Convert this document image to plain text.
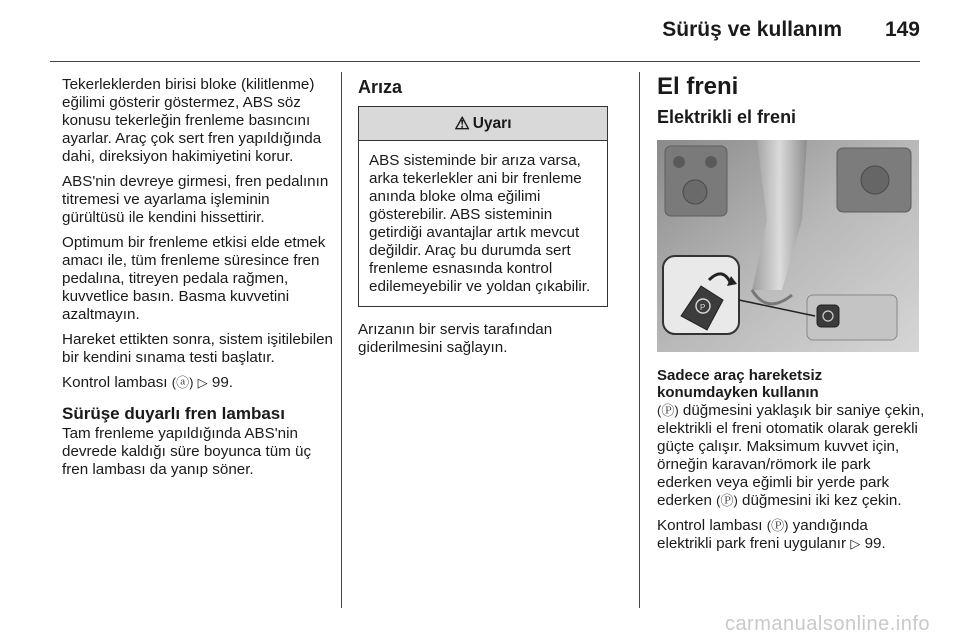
Sürüş ve kullanım 149

Tekerleklerden birisi bloke (kilitlenme) eğilimi gösterir göstermez, ABS söz konusu tekerleğin frenleme basıncını ayarlar. Araç çok sert fren yapıldığında dahi, direksiyon hakimiyetini korur.

ABS'nin devreye girmesi, fren pedalının titremesi ve ayarlama işleminin gürültüsü ile kendini hissettirir.

Optimum bir frenleme etkisi elde etmek amacı ile, tüm frenleme süresince fren pedalına, titreyen pedala rağmen, kuvvetlice basın. Basma kuvvetini azaltmayın.

Hareket ettikten sonra, sistem işitilebilen bir kendini sınama testi başlatır.

Kontrol lambası (ⓐ) ▷ 99.

Sürüşe duyarlı fren lambası

Tam frenleme yapıldığında ABS'nin devrede kaldığı süre boyunca tüm üç fren lambası da yanıp söner.

Arıza
⚠ Uyarı
ABS sisteminde bir arıza varsa, arka tekerlekler ani bir frenleme anında bloke olma eğilimi gösterebilir. ABS sisteminin getirdiği avantajlar artık mevcut değildir. Araç bu durumda sert frenleme esnasında kontrol edilemeyebilir ve yoldan çıkabilir.

Arızanın bir servis tarafından giderilmesini sağlayın.

El freni
Elektrikli el freni
P
Sadece araç hareketsiz konumdayken kullanın

(Ⓟ) düğmesini yaklaşık bir saniye çekin, elektrikli el freni otomatik olarak gerekli güçte çalışır. Maksimum kuvvet için, örneğin karavan/römork ile park ederken veya eğimli bir yerde park ederken (Ⓟ) düğmesini iki kez çekin.

Kontrol lambası (Ⓟ) yandığında elektrikli park freni uygulanır ▷ 99.

carmanualsonline.info
